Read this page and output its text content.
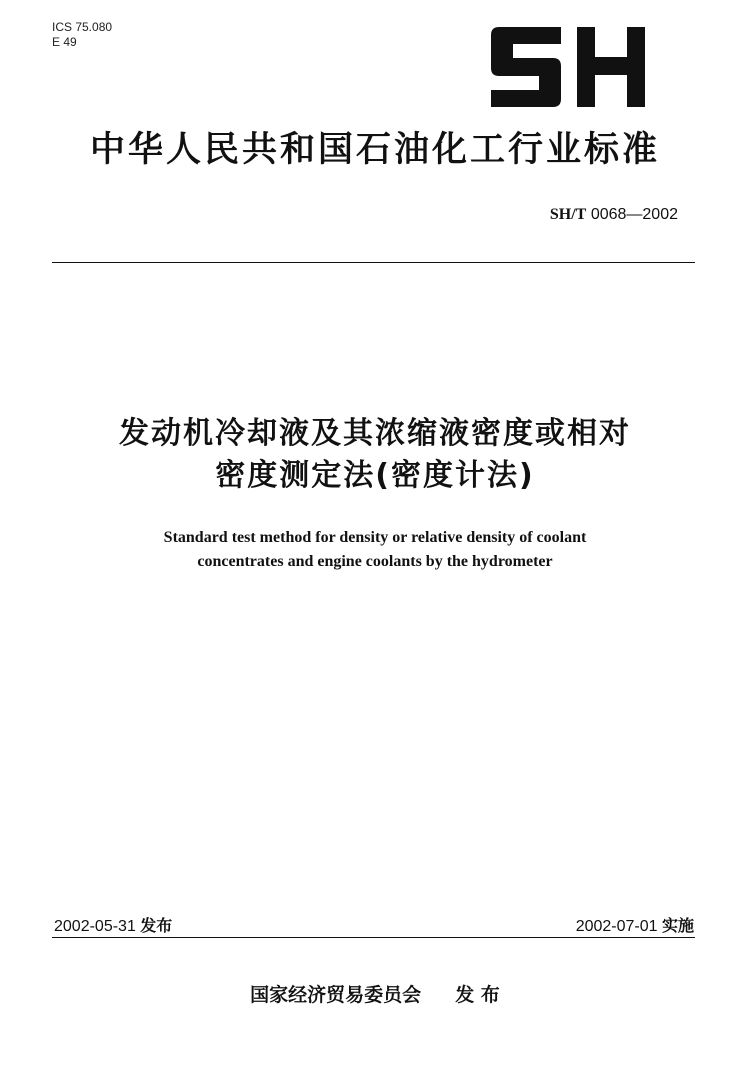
ICS 75.080
E 49
中华人民共和国石油化工行业标准
SH/T 0068—2002
发动机冷却液及其浓缩液密度或相对
密度测定法(密度计法)
Standard test method for density or relative density of coolant
concentrates and engine coolants by the hydrometer
2002-05-31 发布	2002-07-01 实施
国家经济贸易委员会 发 布
